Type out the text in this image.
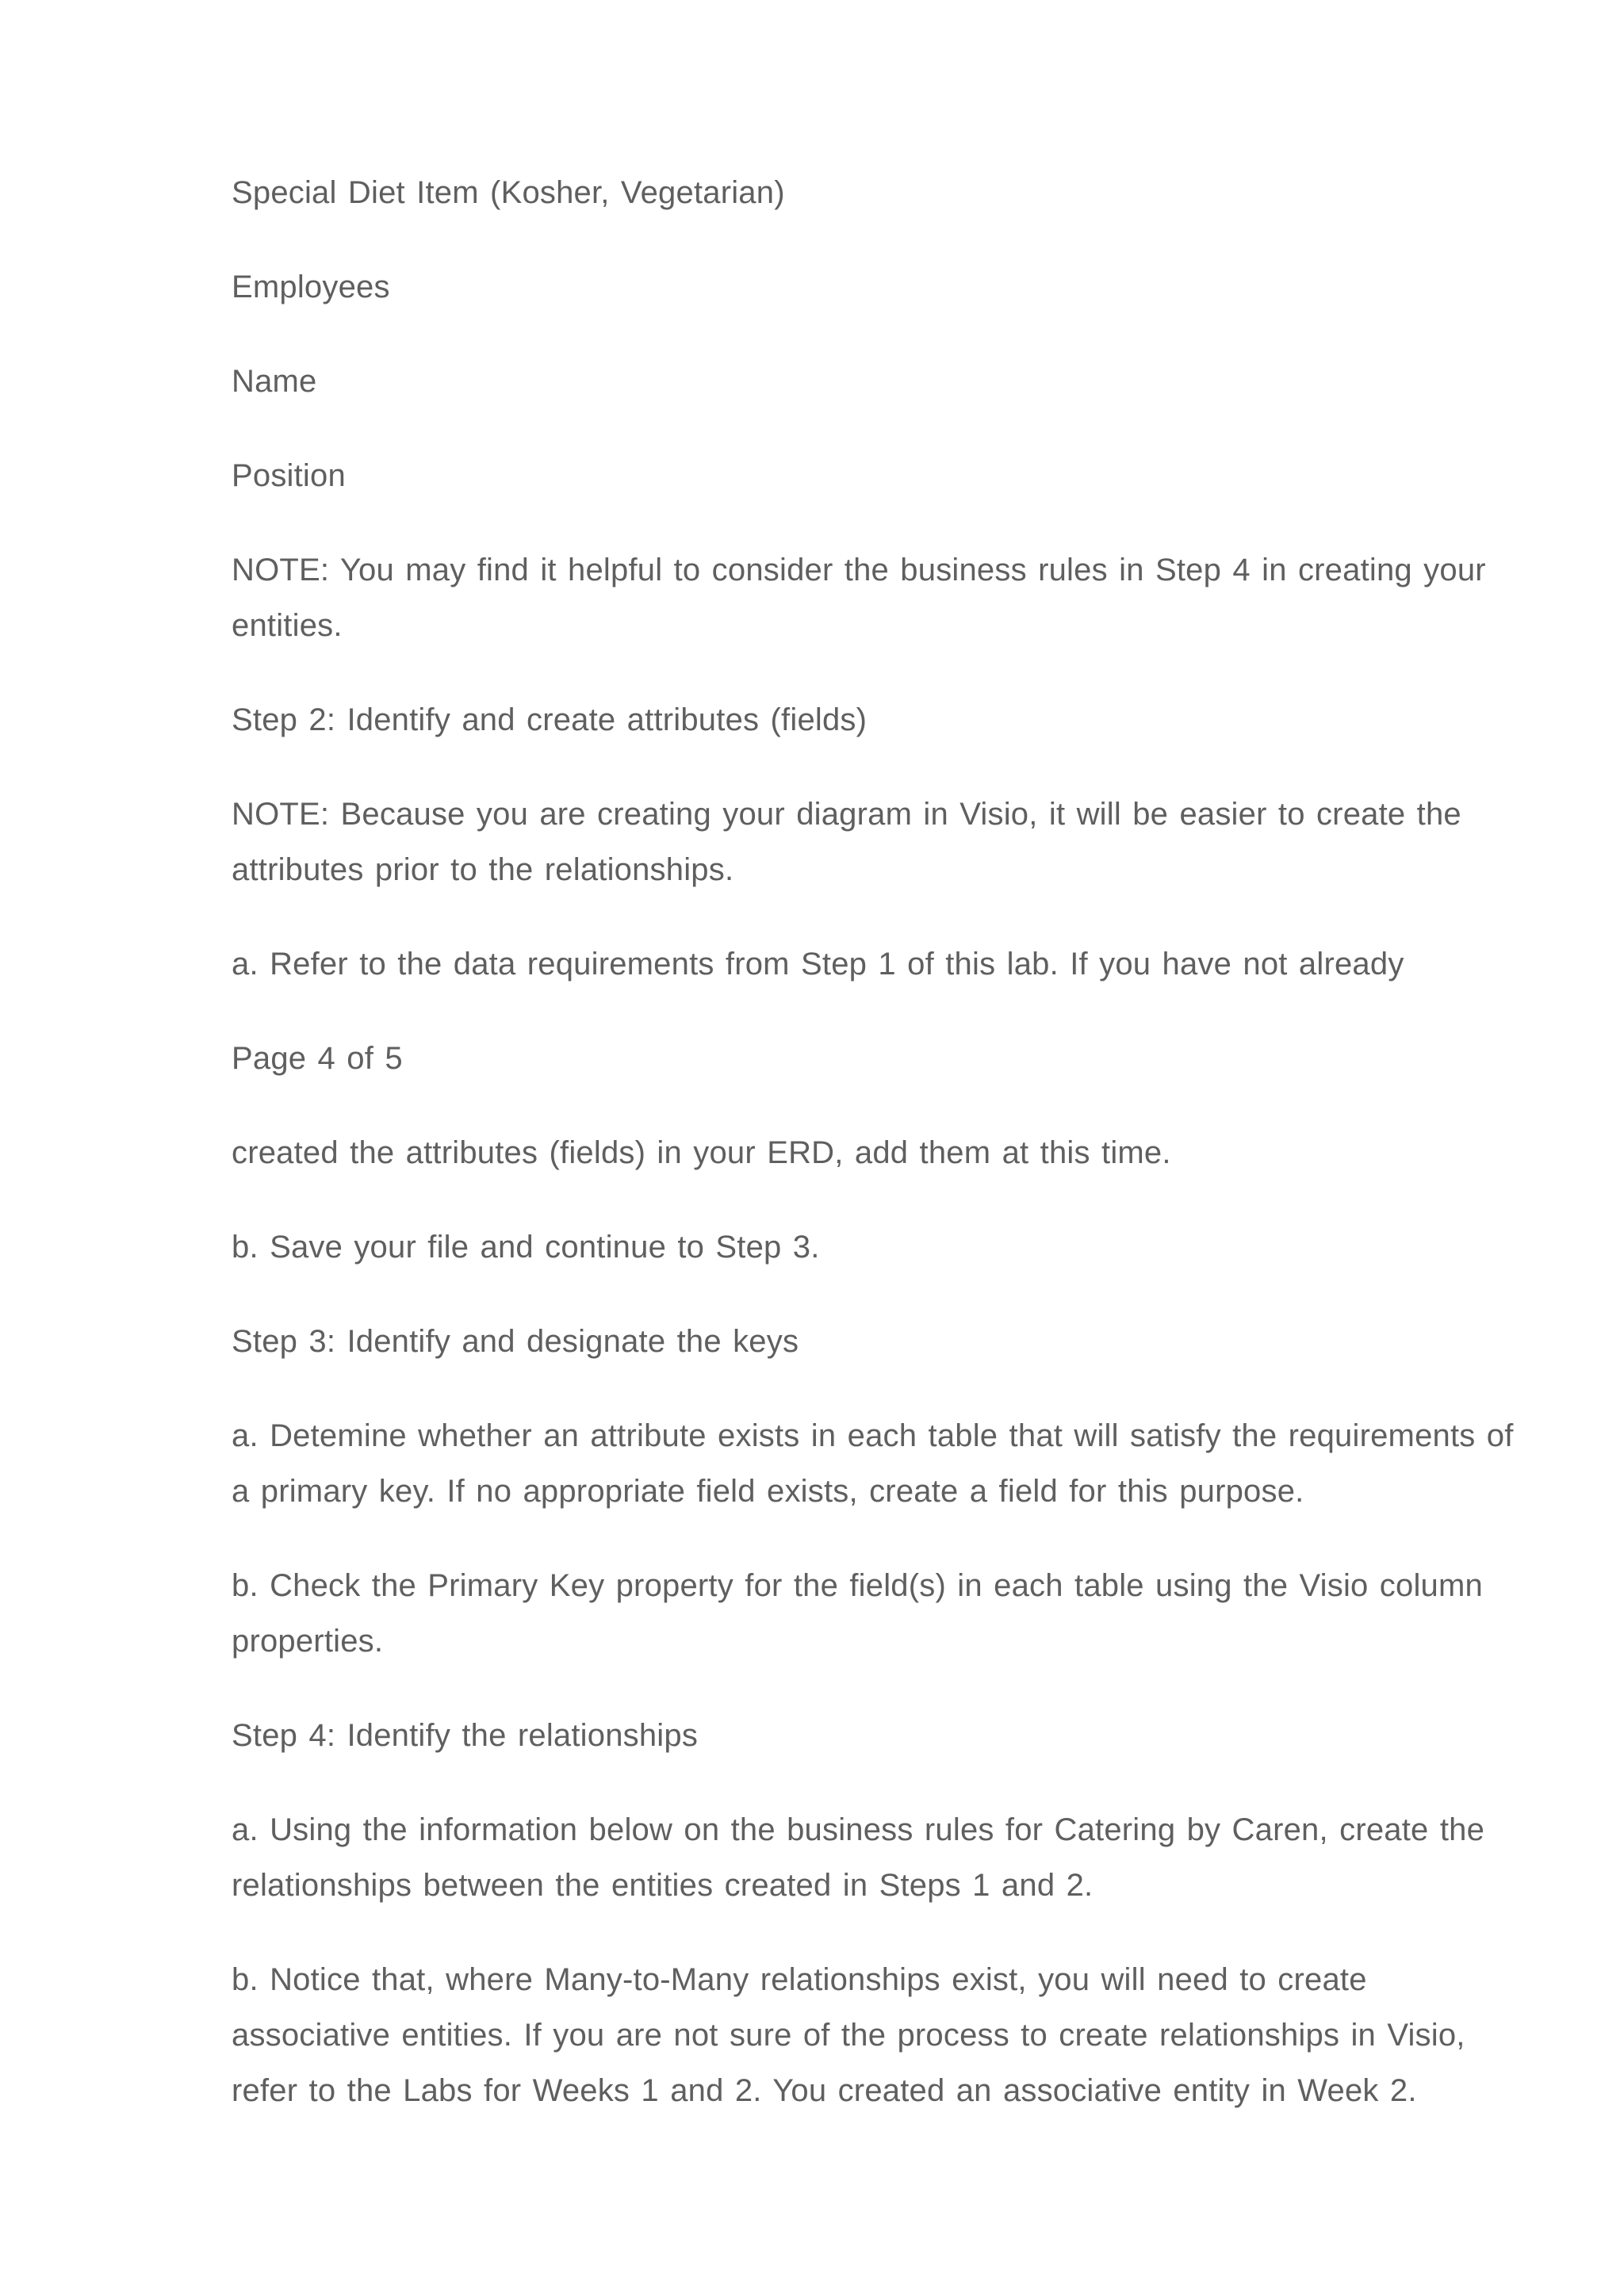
Special Diet Item (Kosher, Vegetarian)

Employees

Name

Position

NOTE: You may find it helpful to consider the business rules in Step 4 in creating your entities.

Step 2: Identify and create attributes (fields)

NOTE: Because you are creating your diagram in Visio, it will be easier to create the attributes prior to the relationships.

a. Refer to the data requirements from Step 1 of this lab. If you have not already

Page 4 of 5

created the attributes (fields) in your ERD, add them at this time.

b. Save your file and continue to Step 3.

Step 3: Identify and designate the keys

a. Detemine whether an attribute exists in each table that will satisfy the requirements of a primary key. If no appropriate field exists, create a field for this purpose.

b. Check the Primary Key property for the field(s) in each table using the Visio column properties.

Step 4: Identify the relationships

a. Using the information below on the business rules for Catering by Caren, create the relationships between the entities created in Steps 1 and 2.

b. Notice that, where Many-to-Many relationships exist, you will need to create associative entities. If you are not sure of the process to create relationships in Visio, refer to the Labs for Weeks 1 and 2. You created an associative entity in Week 2.
